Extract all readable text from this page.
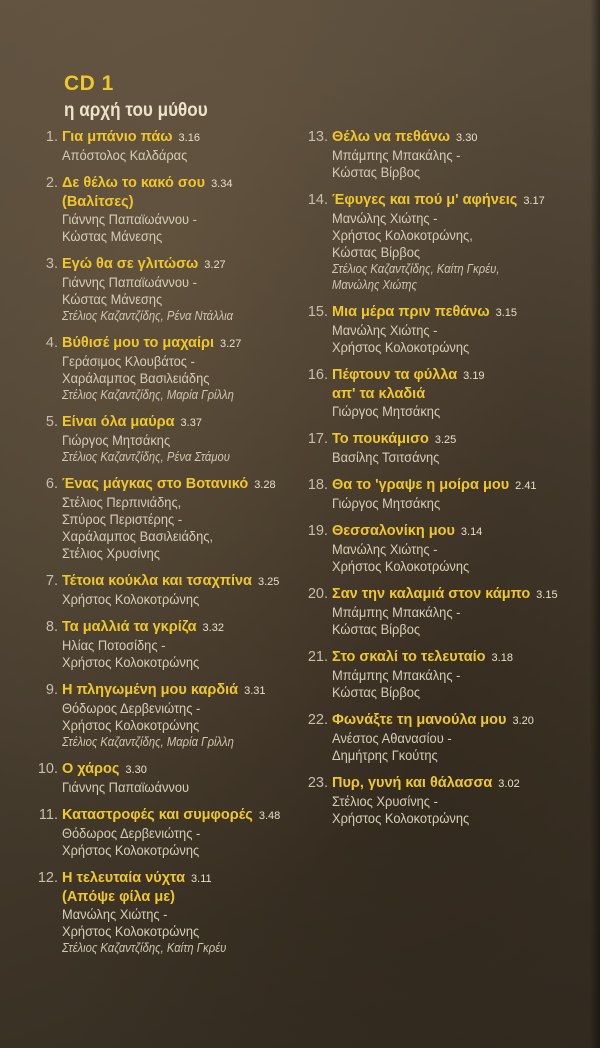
CD 1
η αρχή του μύθου
1. Για μπάνιο πάω 3.16
Απόστολος Καλδάρας
2. Δε θέλω το κακό σου 3.34
(Βαλίτσες)
Γιάννης Παπαϊωάννου -
Κώστας Μάνεσης
3. Εγώ θα σε γλιτώσω 3.27
Γιάννης Παπαϊωάννου -
Κώστας Μάνεσης
Στέλιος Καζαντζίδης, Ρένα Ντάλλια
4. Βύθισέ μου το μαχαίρι 3.27
Γεράσιμος Κλουβάτος -
Χαράλαμπος Βασιλειάδης
Στέλιος Καζαντζίδης, Μαρία Γρίλλη
5. Είναι όλα μαύρα 3.37
Γιώργος Μητσάκης
Στέλιος Καζαντζίδης, Ρένα Στάμου
6. Ένας μάγκας στο Βοτανικό 3.28
Στέλιος Περπινιάδης,
Σπύρος Περιστέρης -
Χαράλαμπος Βασιλειάδης,
Στέλιος Χρυσίνης
7. Τέτοια κούκλα και τσαχπίνα 3.25
Χρήστος Κολοκοτρώνης
8. Τα μαλλιά τα γκρίζα 3.32
Ηλίας Ποτοσίδης -
Χρήστος Κολοκοτρώνης
9. Η πληγωμένη μου καρδιά 3.31
Θόδωρος Δερβενιώτης -
Χρήστος Κολοκοτρώνης
Στέλιος Καζαντζίδης, Μαρία Γρίλλη
10. Ο χάρος 3.30
Γιάννης Παπαϊωάννου
11. Καταστροφές και συμφορές 3.48
Θόδωρος Δερβενιώτης -
Χρήστος Κολοκοτρώνης
12. Η τελευταία νύχτα 3.11
(Απόψε φίλα με)
Μανώλης Χιώτης -
Χρήστος Κολοκοτρώνης
Στέλιος Καζαντζίδης, Καίτη Γκρέυ
13. Θέλω να πεθάνω 3.30
Μπάμπης Μπακάλης -
Κώστας Βίρβος
14. Έφυγες και πού μ' αφήνεις 3.17
Μανώλης Χιώτης -
Χρήστος Κολοκοτρώνης,
Κώστας Βίρβος
Στέλιος Καζαντζίδης, Καίτη Γκρέυ,
Μανώλης Χιώτης
15. Μια μέρα πριν πεθάνω 3.15
Μανώλης Χιώτης -
Χρήστος Κολοκοτρώνης
16. Πέφτουν τα φύλλα 3.19
απ' τα κλαδιά
Γιώργος Μητσάκης
17. Το πουκάμισο 3.25
Βασίλης Τσιτσάνης
18. Θα το 'γραψε η μοίρα μου 2.41
Γιώργος Μητσάκης
19. Θεσσαλονίκη μου 3.14
Μανώλης Χιώτης -
Χρήστος Κολοκοτρώνης
20. Σαν την καλαμιά στον κάμπο 3.15
Μπάμπης Μπακάλης -
Κώστας Βίρβος
21. Στο σκαλί το τελευταίο 3.18
Μπάμπης Μπακάλης -
Κώστας Βίρβος
22. Φωνάξτε τη μανούλα μου 3.20
Ανέστος Αθανασίου -
Δημήτρης Γκούτης
23. Πυρ, γυνή και θάλασσα 3.02
Στέλιος Χρυσίνης -
Χρήστος Κολοκοτρώνης
